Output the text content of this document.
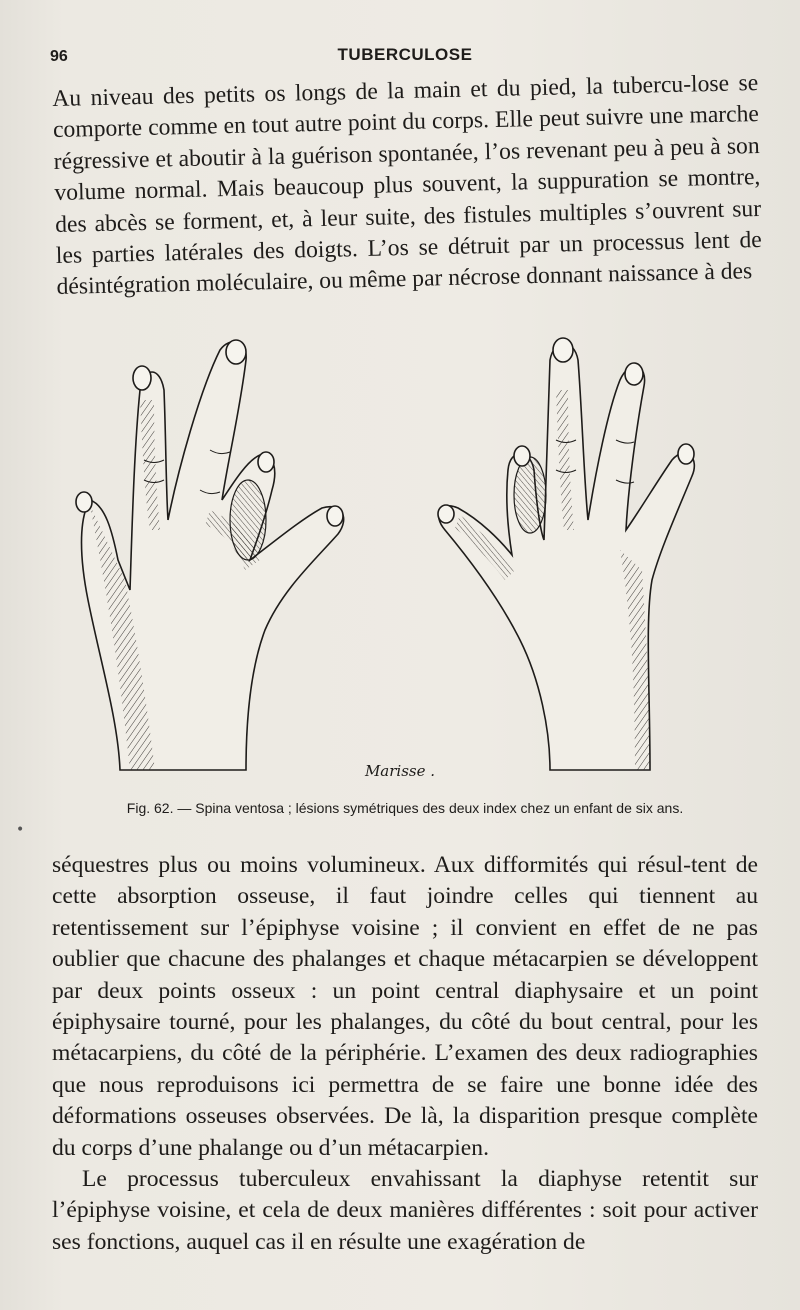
96	TUBERCULOSE

Au niveau des petits os longs de la main et du pied, la tubercu-lose se comporte comme en tout autre point du corps. Elle peut suivre une marche régressive et aboutir à la guérison spontanée, l’os revenant peu à peu à son volume normal. Mais beaucoup plus souvent, la suppuration se montre, des abcès se forment, et, à leur suite, des fistules multiples s’ouvrent sur les parties latérales des doigts. L’os se détruit par un processus lent de désintégration moléculaire, ou même par nécrose donnant naissance à des

Marisse .
Fig. 62. — Spina ventosa ; lésions symétriques des deux index chez un enfant de six ans.
•

séquestres plus ou moins volumineux. Aux difformités qui résul-tent de cette absorption osseuse, il faut joindre celles qui tiennent au retentissement sur l’épiphyse voisine ; il convient en effet de ne pas oublier que chacune des phalanges et chaque métacarpien se développent par deux points osseux : un point central diaphysaire et un point épiphysaire tourné, pour les phalanges, du côté du bout central, pour les métacarpiens, du côté de la périphérie. L’examen des deux radiographies que nous reproduisons ici permettra de se faire une bonne idée des déformations osseuses observées. De là, la disparition presque complète du corps d’une phalange ou d’un métacarpien.

Le processus tuberculeux envahissant la diaphyse retentit sur l’épiphyse voisine, et cela de deux manières différentes : soit pour activer ses fonctions, auquel cas il en résulte une exagération de
